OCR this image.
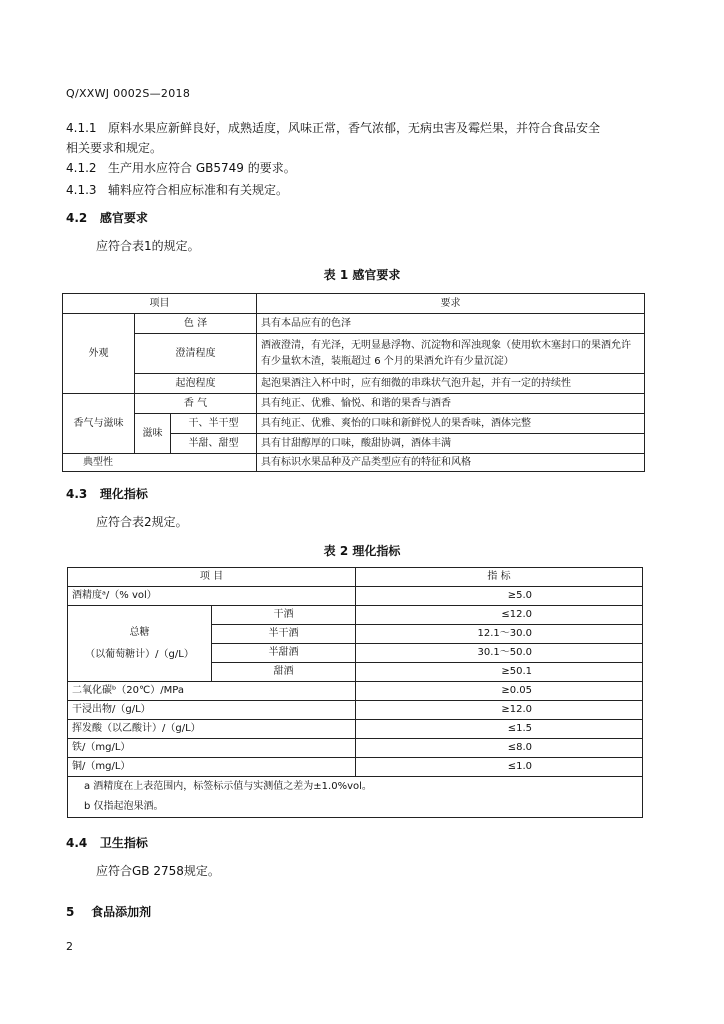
Q/XXWJ 0002S—2018
4.1.1 原料水果应新鲜良好，成熟适度，风味正常，香气浓郁，无病虫害及霉烂果，并符合食品安全
相关要求和规定。
4.1.2 生产用水应符合 GB5749 的要求。
4.1.3 辅料应符合相应标准和有关规定。
4.2 感官要求
应符合表1的规定。
表 1 感官要求
项目			要求
外观	色 泽		具有本品应有的色泽
	澄清程度		酒液澄清，有光泽，无明显悬浮物、沉淀物和浑浊现象（使用软木塞封口的果酒允许有少量软木渣，装瓶超过 6 个月的果酒允许有少量沉淀）
	起泡程度		起泡果酒注入杯中时，应有细微的串珠状气泡升起，并有一定的持续性
香气与滋味	香 气		具有纯正、优雅、愉悦、和谐的果香与酒香
	滋味	干、半干型	具有纯正、优雅、爽怡的口味和新鲜悦人的果香味，酒体完整
		半甜、甜型	具有甘甜醇厚的口味，酸甜协调，酒体丰满
典型性			具有标识水果品种及产品类型应有的特征和风格
4.3 理化指标
应符合表2规定。
表 2 理化指标
项 目		指 标
酒精度ᵃ/（% vol）		≥5.0

总糖
（以葡萄糖计）/（g/L）	干酒	≤12.0
	半干酒	12.1～30.0
	半甜酒	30.1～50.0
	甜酒	≥50.1
二氧化碳ᵇ（20℃）/MPa		≥0.05
干浸出物/（g/L）		≥12.0
挥发酸（以乙酸计）/（g/L）		≤1.5
铁/（mg/L）		≤8.0
铜/（mg/L）		≤1.0

a 酒精度在上表范围内，标签标示值与实测值之差为±1.0%vol。
b 仅指起泡果酒。		
4.4 卫生指标
应符合GB 2758规定。
5 食品添加剂
2
